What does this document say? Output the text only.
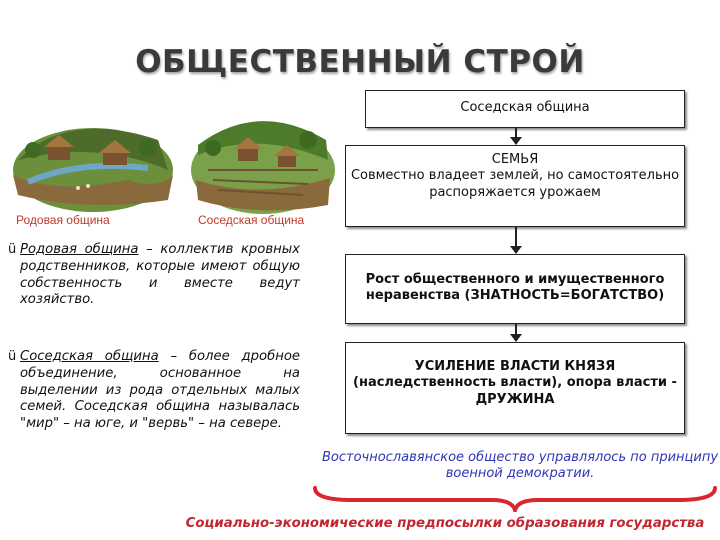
ОБЩЕСТВЕННЫЙ СТРОЙ
Родовая община	Соседская община
Соседская община
СЕМЬЯ
Совместно владеет землей, но самостоятельно распоряжается урожаем
Рост общественного и имущественного неравенства (ЗНАТНОСТЬ=БОГАТСТВО)
УСИЛЕНИЕ ВЛАСТИ КНЯЗЯ
(наследственность власти), опора власти - ДРУЖИНА
ü Родовая община – коллектив кровных родственников, которые имеют общую собственность и вместе ведут хозяйство.
ü Соседская община – более дробное объединение, основанное на выделении из рода отдельных малых семей. Соседская община называлась "мир" – на юге, и "вервь" – на севере.
Восточнославянское общество управлялось по принципу военной демократии.
Социально-экономические предпосылки образования государства
